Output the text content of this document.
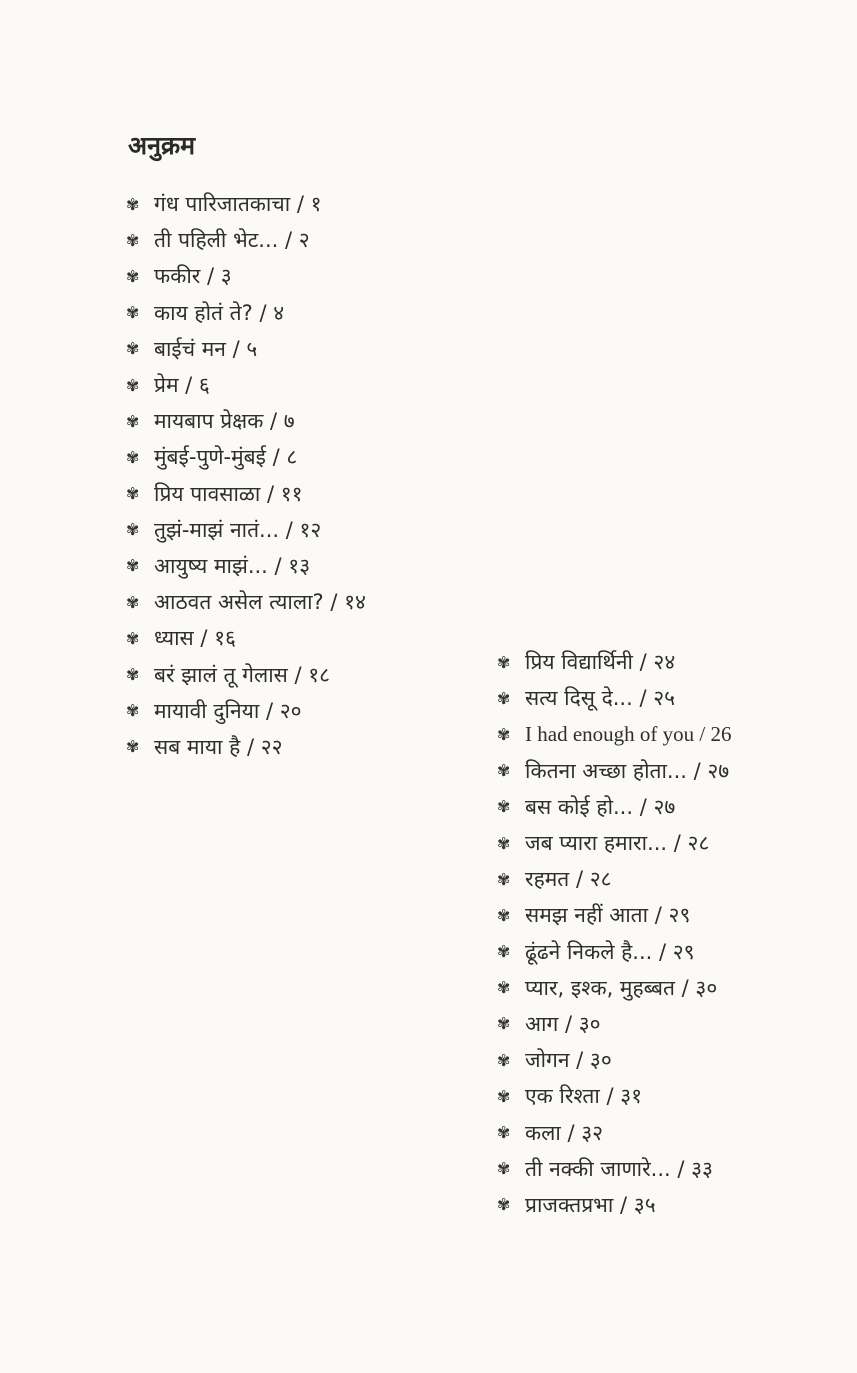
अनुक्रम
✾ गंध पारिजातकाचा / १
✾ ती पहिली भेट... / २
✾ फकीर / ३
✾ काय होतं ते? / ४
✾ बाईचं मन / ५
✾ प्रेम / ६
✾ मायबाप प्रेक्षक / ७
✾ मुंबई-पुणे-मुंबई / ८
✾ प्रिय पावसाळा / ११
✾ तुझं-माझं नातं... / १२
✾ आयुष्य माझं... / १३
✾ आठवत असेल त्याला? / १४
✾ ध्यास / १६
✾ बरं झालं तू गेलास / १८
✾ मायावी दुनिया / २०
✾ सब माया है / २२
✾ प्रिय विद्यार्थिनी / २४
✾ सत्य दिसू दे... / २५
✾ I had enough of you / 26
✾ कितना अच्छा होता... / २७
✾ बस कोई हो... / २७
✾ जब प्यारा हमारा... / २८
✾ रहमत / २८
✾ समझ नहीं आता / २९
✾ ढूंढने निकले है... / २९
✾ प्यार, इश्क, मुहब्बत / ३०
✾ आग / ३०
✾ जोगन / ३०
✾ एक रिश्ता / ३१
✾ कला / ३२
✾ ती नक्की जाणारे... / ३३
✾ प्राजक्तप्रभा / ३५
